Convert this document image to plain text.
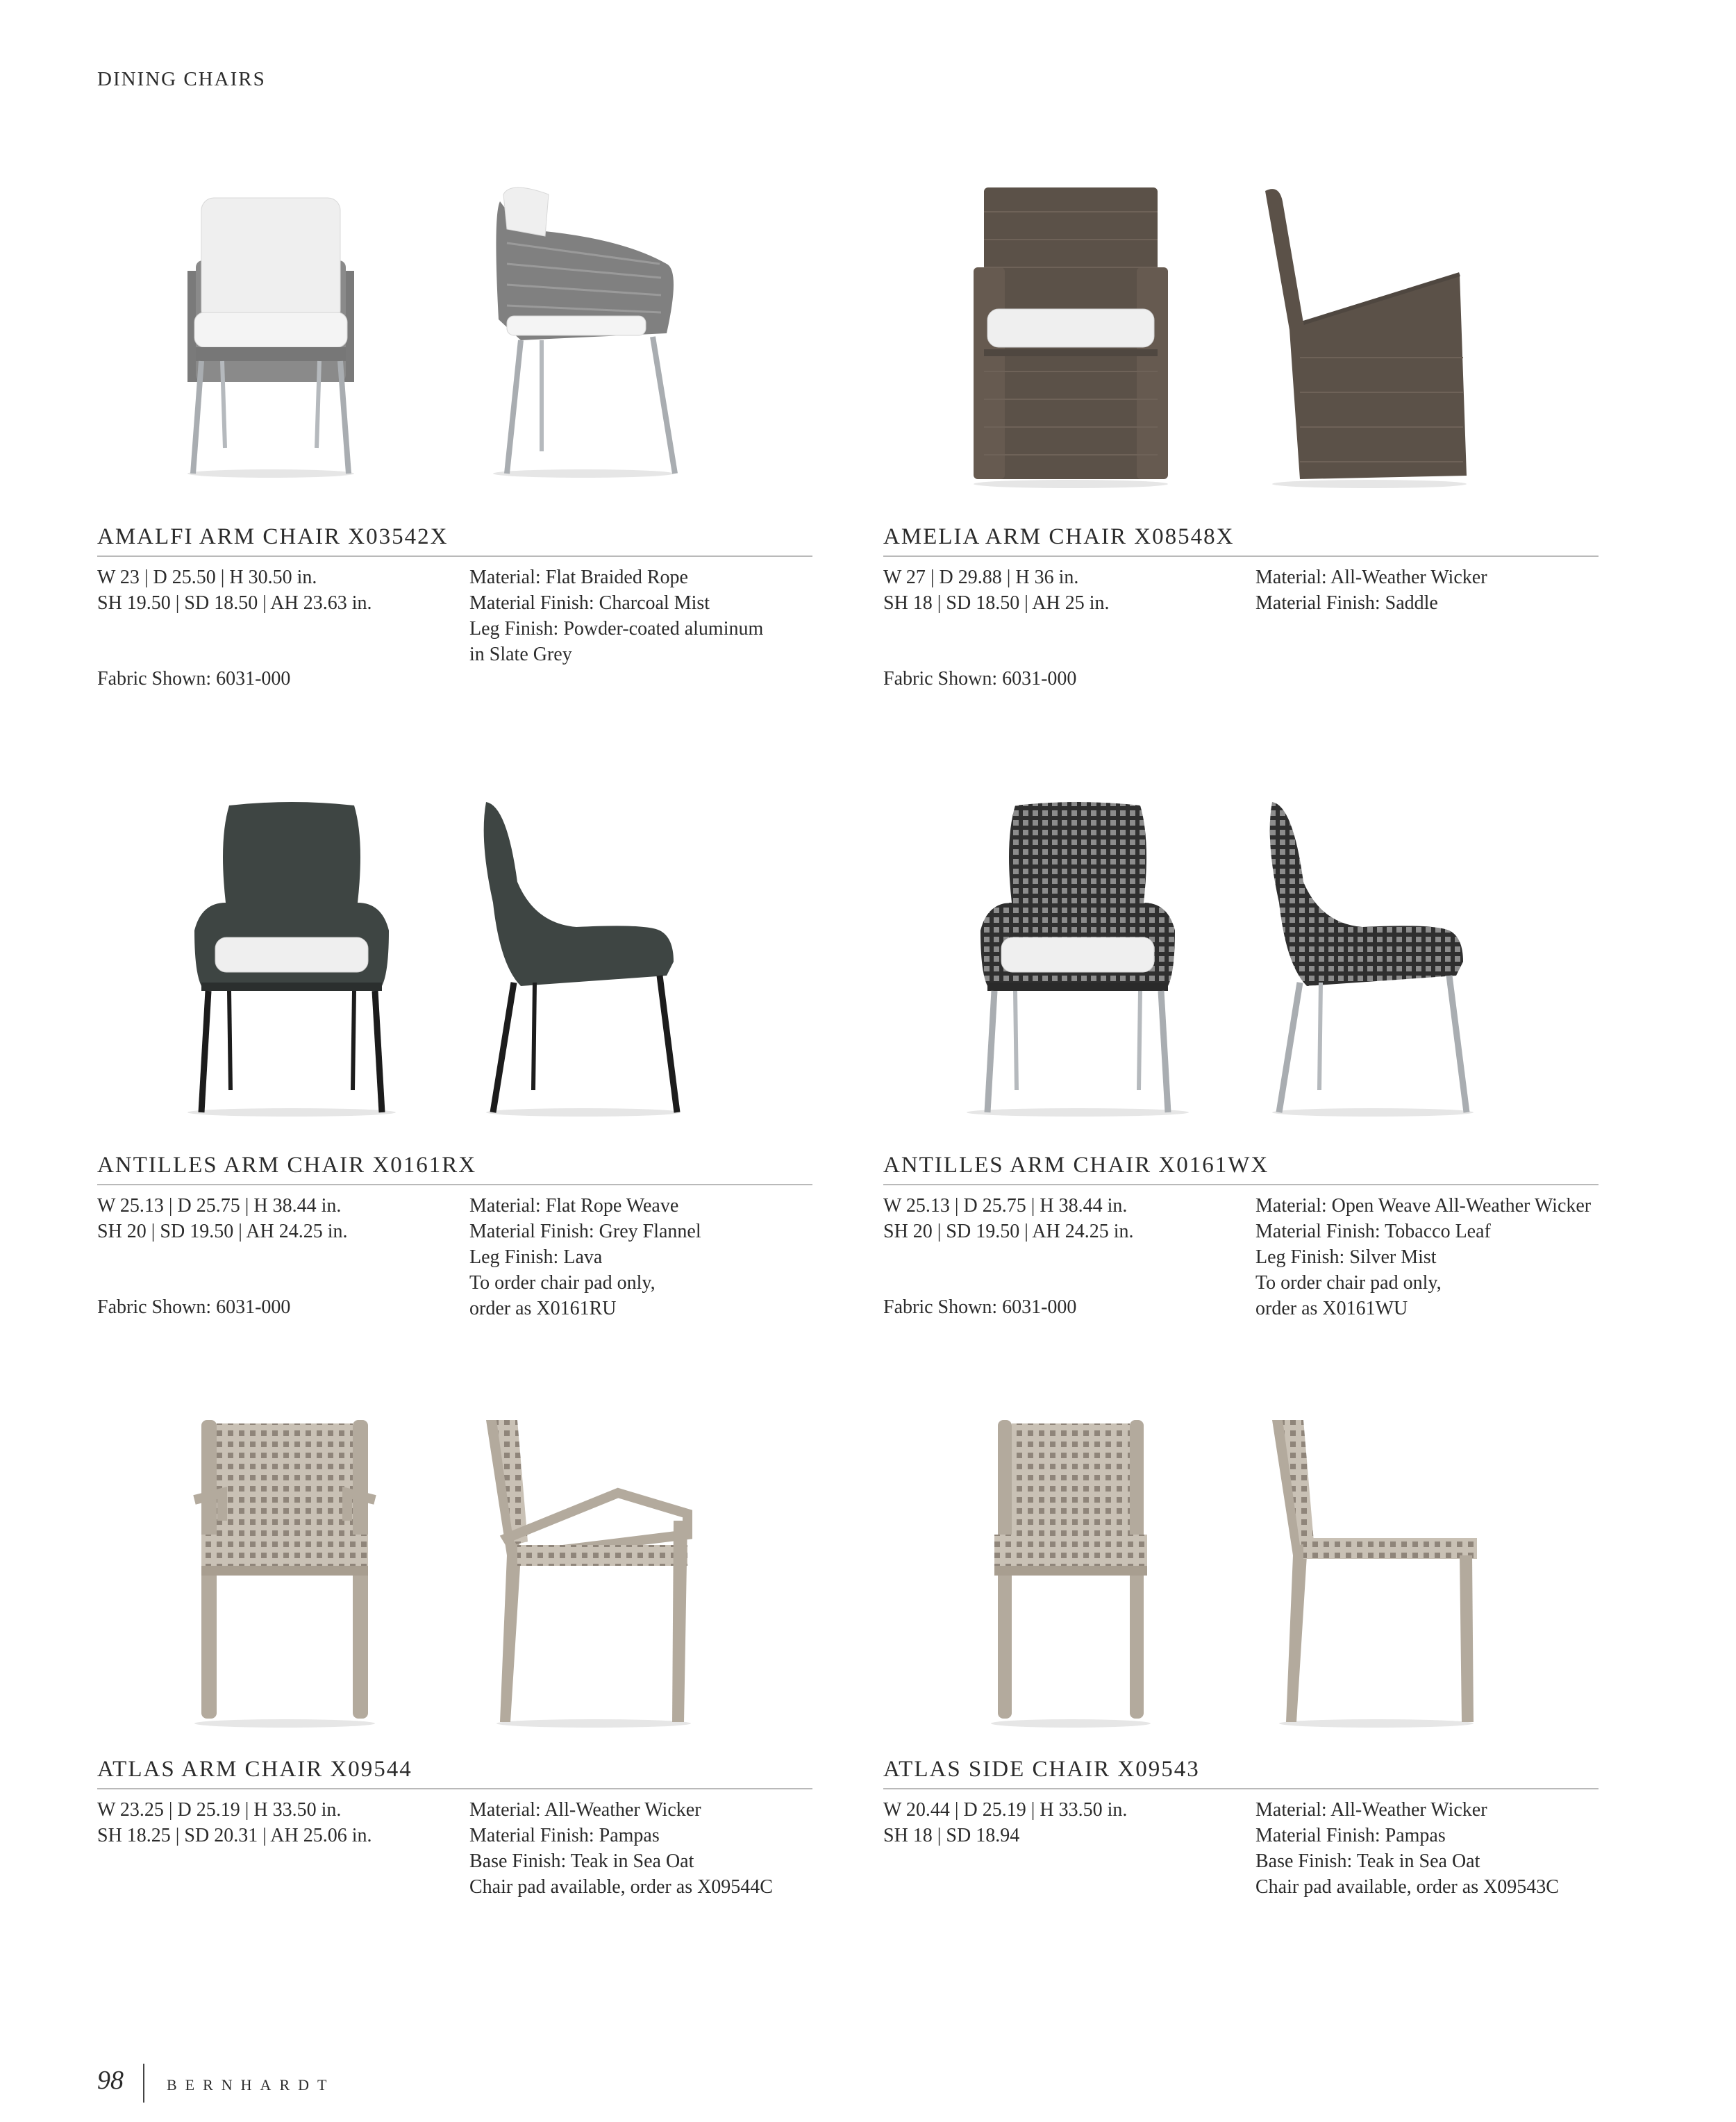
DINING CHAIRS
AMALFI ARM CHAIR X03542X
W 23 | D 25.50 | H 30.50 in.
SH 19.50 | SD 18.50 | AH 23.63 in.
Material: Flat Braided Rope
Material Finish: Charcoal Mist
Leg Finish: Powder-coated aluminum
in Slate Grey
Fabric Shown: 6031-000
AMELIA ARM CHAIR X08548X
W 27 | D 29.88 | H 36 in.
SH 18 | SD 18.50 | AH 25 in.
Material: All-Weather Wicker
Material Finish: Saddle
Fabric Shown: 6031-000
ANTILLES ARM CHAIR X0161RX
W 25.13 | D 25.75 | H 38.44 in.
SH 20 | SD 19.50 | AH 24.25 in.
Material: Flat Rope Weave
Material Finish: Grey Flannel
Leg Finish: Lava
To order chair pad only,
order as X0161RU
Fabric Shown: 6031-000
ANTILLES ARM CHAIR X0161WX
W 25.13 | D 25.75 | H 38.44 in.
SH 20 | SD 19.50 | AH 24.25 in.
Material: Open Weave All-Weather Wicker
Material Finish: Tobacco Leaf
Leg Finish: Silver Mist
To order chair pad only,
order as X0161WU
Fabric Shown: 6031-000
ATLAS ARM CHAIR X09544
W 23.25 | D 25.19 | H 33.50 in.
SH 18.25 | SD 20.31 | AH 25.06 in.
Material: All-Weather Wicker
Material Finish: Pampas
Base Finish: Teak in Sea Oat
Chair pad available, order as X09544C
ATLAS SIDE CHAIR X09543
W 20.44 | D 25.19 | H 33.50 in.
SH 18 | SD 18.94
Material: All-Weather Wicker
Material Finish: Pampas
Base Finish: Teak in Sea Oat
Chair pad available, order as X09543C
98	BERNHARDT
